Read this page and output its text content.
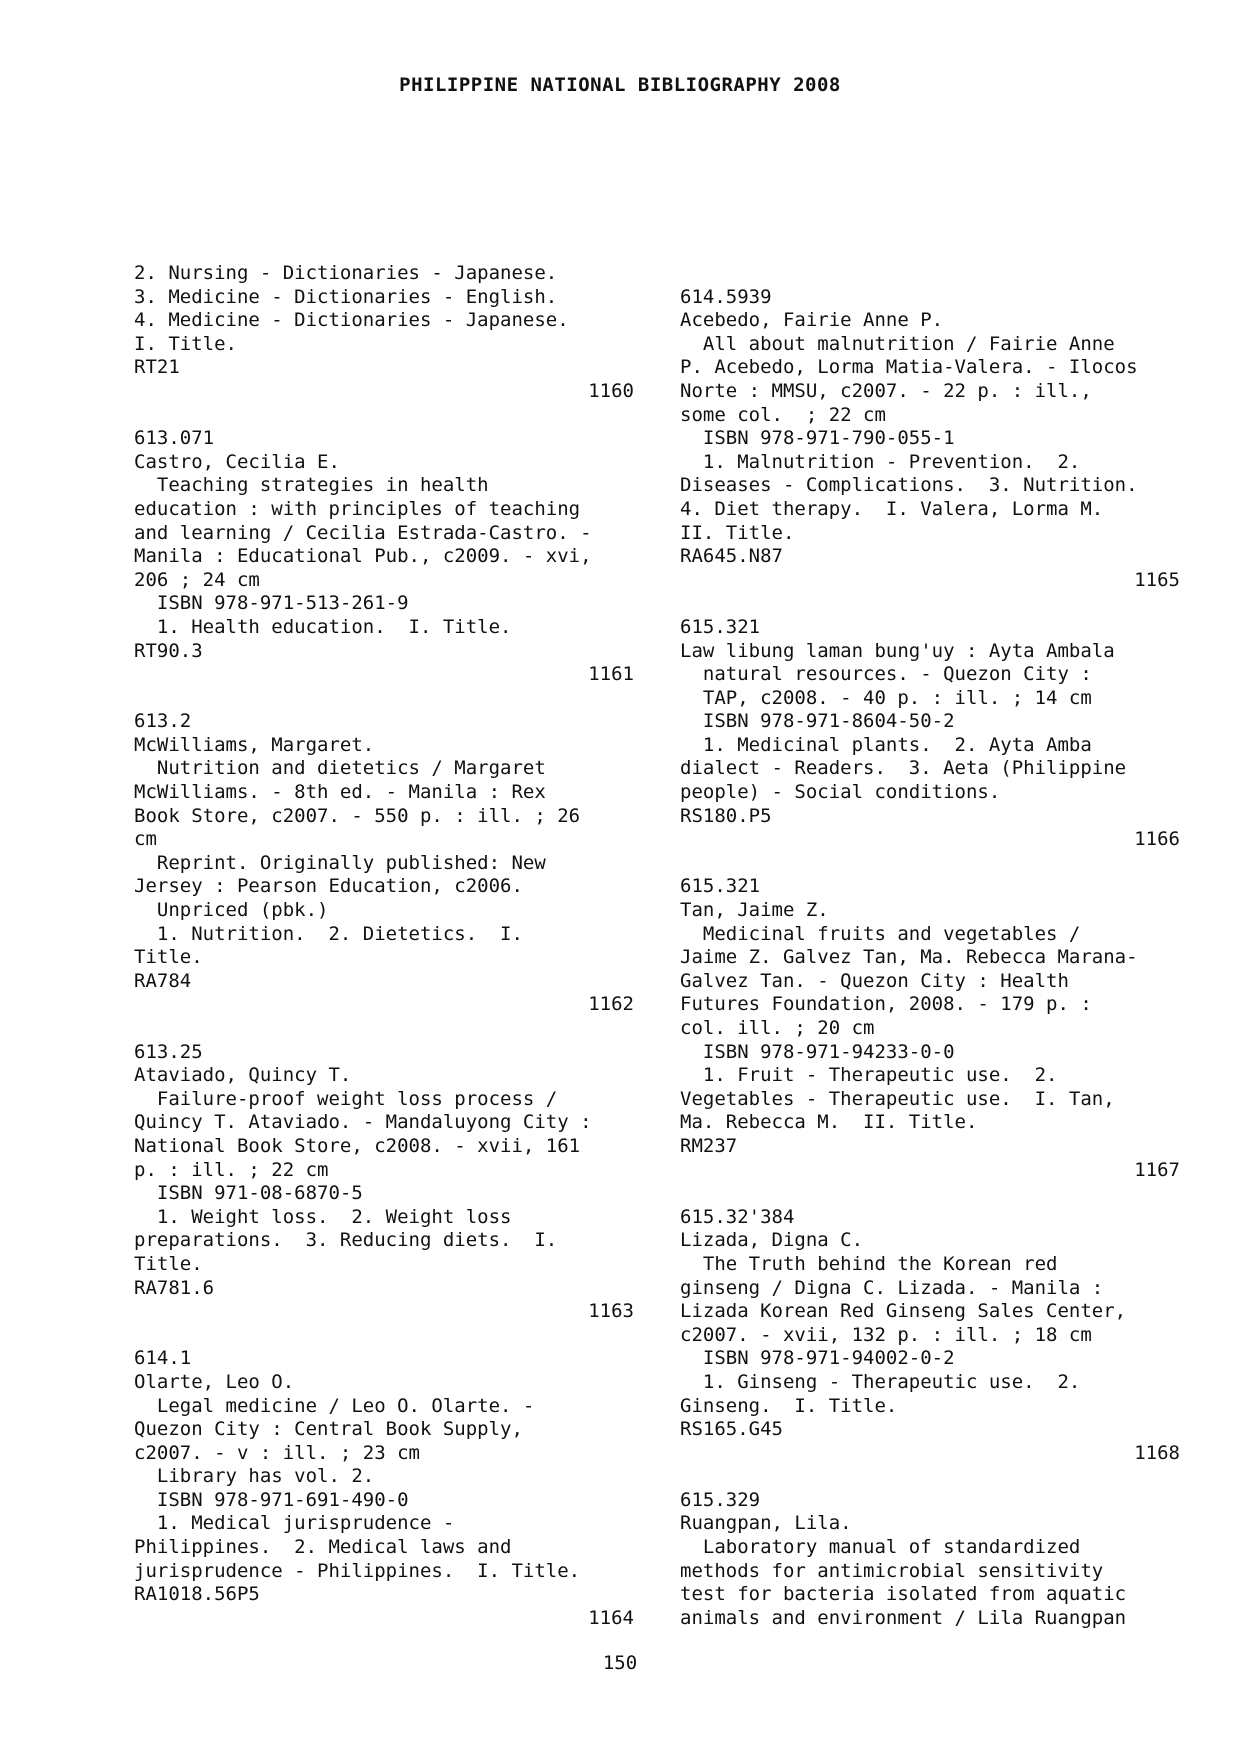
PHILIPPINE NATIONAL BIBLIOGRAPHY 2008
2. Nursing - Dictionaries - Japanese.
3. Medicine - Dictionaries - English.
4. Medicine - Dictionaries - Japanese.
I. Title.
RT21
1160
613.071
Castro, Cecilia E.
Teaching strategies in health
education : with principles of teaching
and learning / Cecilia Estrada-Castro. -
Manila : Educational Pub., c2009. - xvi,
206 ; 24 cm
ISBN 978-971-513-261-9
1. Health education.  I. Title.
RT90.3
1161
613.2
McWilliams, Margaret.
Nutrition and dietetics / Margaret
McWilliams. - 8th ed. - Manila : Rex
Book Store, c2007. - 550 p. : ill. ; 26
cm
Reprint. Originally published: New
Jersey : Pearson Education, c2006.
Unpriced (pbk.)
1. Nutrition.  2. Dietetics.  I.
Title.
RA784
1162
613.25
Ataviado, Quincy T.
Failure-proof weight loss process /
Quincy T. Ataviado. - Mandaluyong City :
National Book Store, c2008. - xvii, 161
p. : ill. ; 22 cm
ISBN 971-08-6870-5
1. Weight loss.  2. Weight loss
preparations.  3. Reducing diets.  I.
Title.
RA781.6
1163
614.1
Olarte, Leo O.
Legal medicine / Leo O. Olarte. -
Quezon City : Central Book Supply,
c2007. - v : ill. ; 23 cm
Library has vol. 2.
ISBN 978-971-691-490-0
1. Medical jurisprudence -
Philippines.  2. Medical laws and
jurisprudence - Philippines.  I. Title.
RA1018.56P5
1164
614.5939
Acebedo, Fairie Anne P.
All about malnutrition / Fairie Anne
P. Acebedo, Lorma Matia-Valera. - Ilocos
Norte : MMSU, c2007. - 22 p. : ill.,
some col.  ; 22 cm
ISBN 978-971-790-055-1
1. Malnutrition - Prevention.  2.
Diseases - Complications.  3. Nutrition.
4. Diet therapy.  I. Valera, Lorma M.
II. Title.
RA645.N87
1165
615.321
Law libung laman bung'uy : Ayta Ambala
natural resources. - Quezon City :
TAP, c2008. - 40 p. : ill. ; 14 cm
ISBN 978-971-8604-50-2
1. Medicinal plants.  2. Ayta Amba
dialect - Readers.  3. Aeta (Philippine
people) - Social conditions.
RS180.P5
1166
615.321
Tan, Jaime Z.
Medicinal fruits and vegetables /
Jaime Z. Galvez Tan, Ma. Rebecca Marana-
Galvez Tan. - Quezon City : Health
Futures Foundation, 2008. - 179 p. :
col. ill. ; 20 cm
ISBN 978-971-94233-0-0
1. Fruit - Therapeutic use.  2.
Vegetables - Therapeutic use.  I. Tan,
Ma. Rebecca M.  II. Title.
RM237
1167
615.32'384
Lizada, Digna C.
The Truth behind the Korean red
ginseng / Digna C. Lizada. - Manila :
Lizada Korean Red Ginseng Sales Center,
c2007. - xvii, 132 p. : ill. ; 18 cm
ISBN 978-971-94002-0-2
1. Ginseng - Therapeutic use.  2.
Ginseng.  I. Title.
RS165.G45
1168
615.329
Ruangpan, Lila.
Laboratory manual of standardized
methods for antimicrobial sensitivity
test for bacteria isolated from aquatic
animals and environment / Lila Ruangpan
150
